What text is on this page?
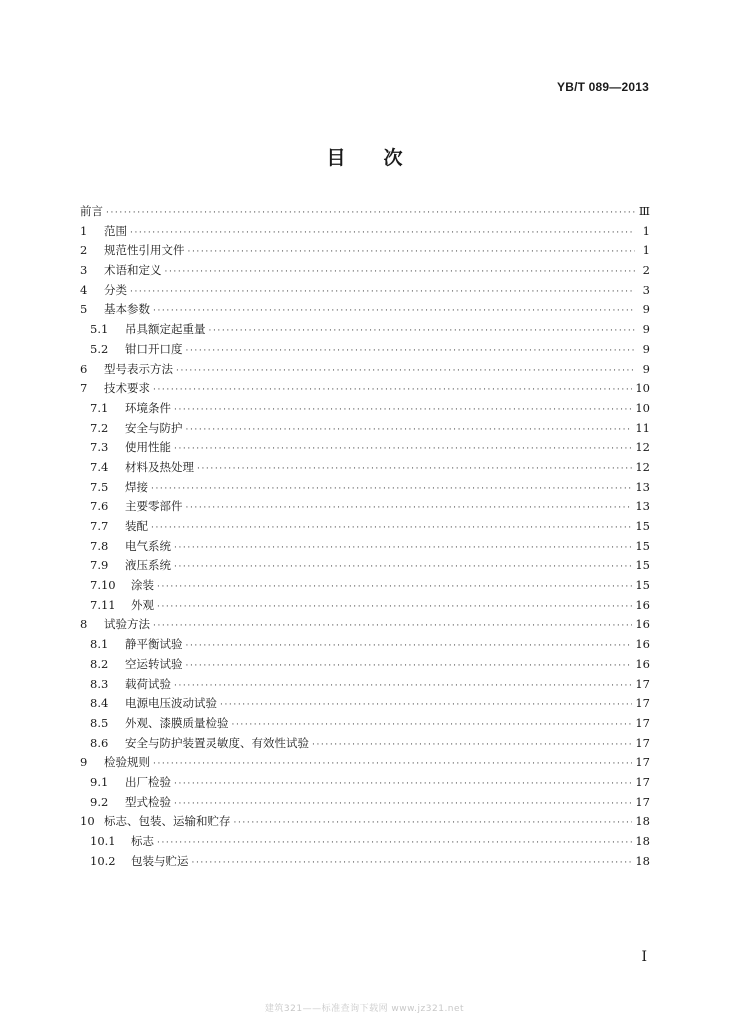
YB/T 089—2013
目 次
前言 ·····	Ⅲ
1	范围 ·····	1
2	规范性引用文件 ·····	1
3	术语和定义 ·····	2
4	分类 ·····	3
5	基本参数 ·····	9
5.1	吊具额定起重量 ·····	9
5.2	钳口开口度 ·····	9
6	型号表示方法 ·····	9
7	技术要求 ·····	10
7.1	环境条件 ·····	10
7.2	安全与防护 ·····	11
7.3	使用性能 ·····	12
7.4	材料及热处理 ·····	12
7.5	焊接 ·····	13
7.6	主要零部件 ·····	13
7.7	装配 ·····	15
7.8	电气系统 ·····	15
7.9	液压系统 ·····	15
7.10	涂装 ·····	15
7.11	外观 ·····	16
8	试验方法 ·····	16
8.1	静平衡试验 ·····	16
8.2	空运转试验 ·····	16
8.3	载荷试验 ·····	17
8.4	电源电压波动试验 ·····	17
8.5	外观、漆膜质量检验 ·····	17
8.6	安全与防护装置灵敏度、有效性试验 ·····	17
9	检验规则 ·····	17
9.1	出厂检验 ·····	17
9.2	型式检验 ·····	17
10 标志、包装、运输和贮存 ·····	18
10.1	标志 ·····	18
10.2	包装与贮运 ·····	18
I
建筑321——标准查询下载网 www.jz321.net
